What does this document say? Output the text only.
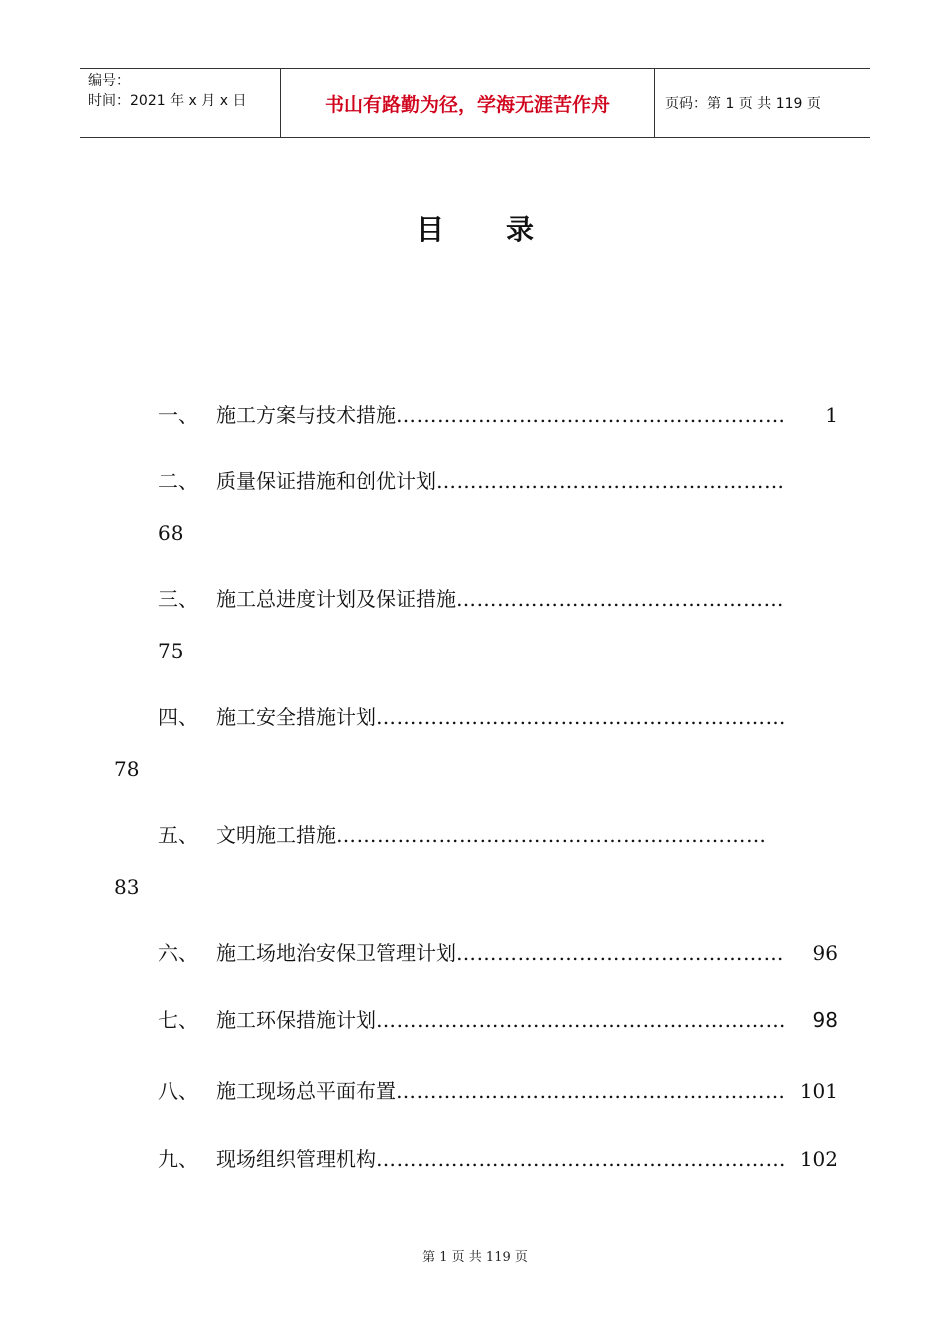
编号：
时间：2021 年 x 月 x 日	书山有路勤为径，学海无涯苦作舟	页码：第 1 页 共 119 页
目 录
一、 施工方案与技术措施………………………………………………… 1
二、 质量保证措施和创优计划……………………………………………
68
三、 施工总进度计划及保证措施…………………………………………
75
四、 施工安全措施计划……………………………………………………
78
五、 文明施工措施………………………………………………………
83
六、 施工场地治安保卫管理计划………………………………………… 96
七、 施工环保措施计划…………………………………………………… 98
八、 施工现场总平面布置………………………………………………… 101
九、 现场组织管理机构…………………………………………………… 102
第 1 页 共 119 页
